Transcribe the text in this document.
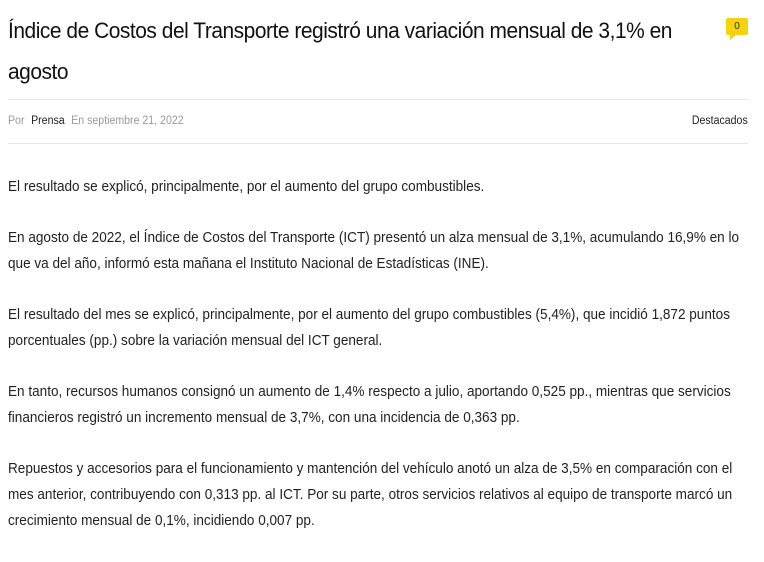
Índice de Costos del Transporte registró una variación mensual de 3,1% en agosto
0
Por Prensa En septiembre 21, 2022	Destacados

El resultado se explicó, principalmente, por el aumento del grupo combustibles.

En agosto de 2022, el Índice de Costos del Transporte (ICT) presentó un alza mensual de 3,1%, acumulando 16,9% en lo que va del año, informó esta mañana el Instituto Nacional de Estadísticas (INE).

El resultado del mes se explicó, principalmente, por el aumento del grupo combustibles (5,4%), que incidió 1,872 puntos porcentuales (pp.) sobre la variación mensual del ICT general.

En tanto, recursos humanos consignó un aumento de 1,4% respecto a julio, aportando 0,525 pp., mientras que servicios financieros registró un incremento mensual de 3,7%, con una incidencia de 0,363 pp.

Repuestos y accesorios para el funcionamiento y mantención del vehículo anotó un alza de 3,5% en comparación con el mes anterior, contribuyendo con 0,313 pp. al ICT. Por su parte, otros servicios relativos al equipo de transporte marcó un crecimiento mensual de 0,1%, incidiendo 0,007 pp.
